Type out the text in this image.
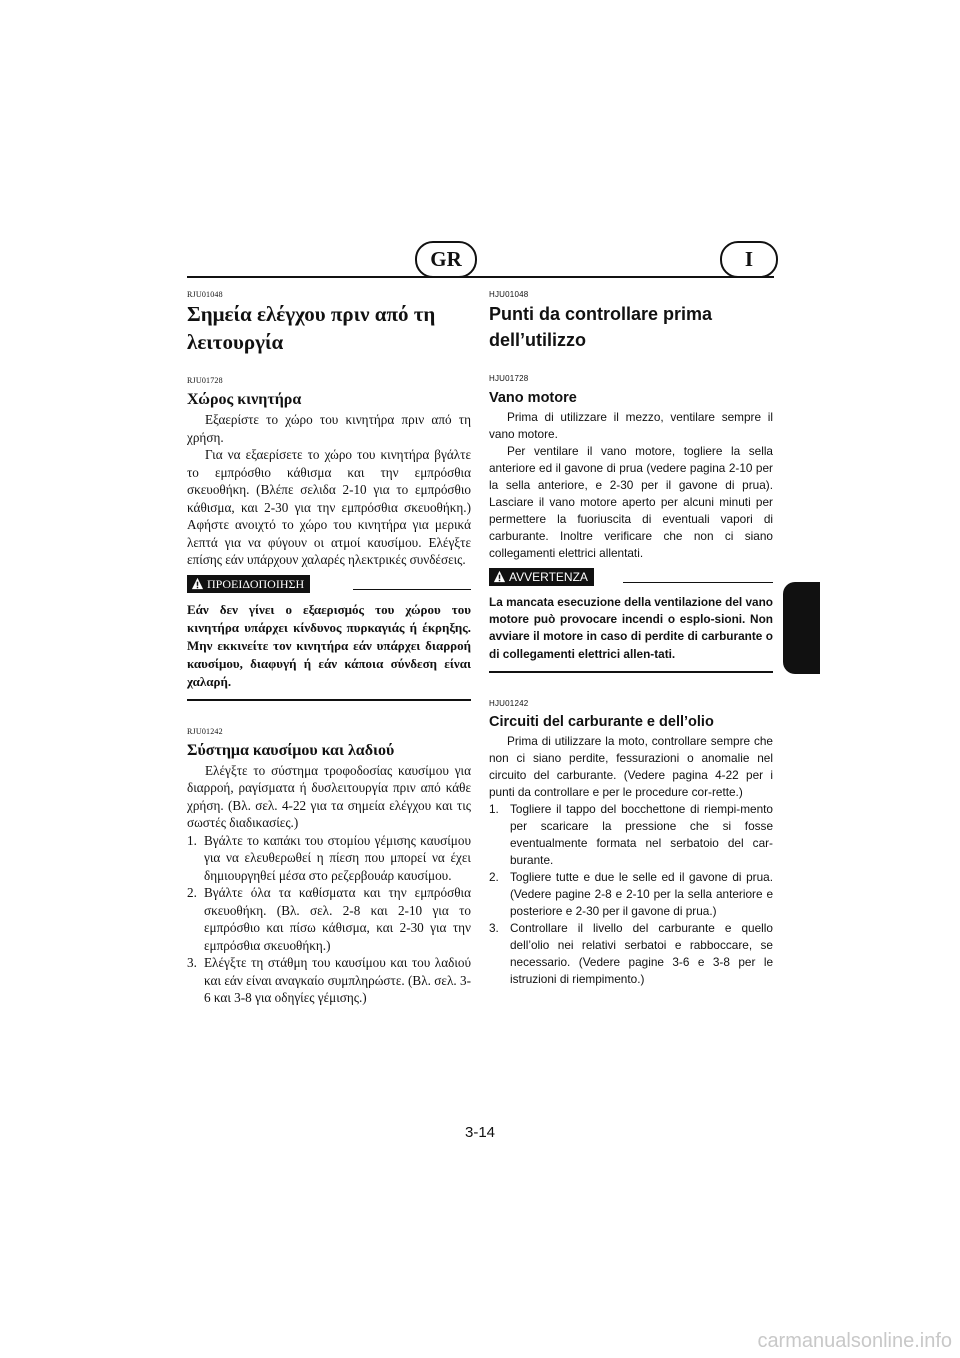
GR	I
RJU01048
Σημεία ελέγχου πριν από τη λειτουργία
RJU01728
Χώρος κινητήρα

Εξαερίστε το χώρο του κινητήρα πριν από τη χρήση.

Για να εξαερίσετε το χώρο του κινητήρα βγάλτε το εμπρόσθιο κάθισμα και την εμπρόσθια σκευοθήκη. (Βλέπε σελιδα 2-10 για το εμπρόσθιο κάθισμα, και 2-30 για την εμπρόσθια σκευοθήκη.) Αφήστε ανοιχτό το χώρο του κινητήρα για μερικά λεπτά για να φύγουν οι ατμοί καυσίμου. Ελέγξτε επίσης εάν υπάρχουν χαλαρές ηλεκτρικές συνδέσεις.

ΠΡΟΕΙΔΟΠΟΙΗΣΗ

Εάν δεν γίνει ο εξαερισμός του χώρου του κινητήρα υπάρχει κίνδυνος πυρκαγιάς ή έκρηξης. Μην εκκινείτε τον κινητήρα εάν υπάρχει διαρροή καυσίμου, διαφυγή ή εάν κάποια σύνδεση είναι χαλαρή.

RJU01242
Σύστημα καυσίμου και λαδιού

Ελέγξτε το σύστημα τροφοδοσίας καυσίμου για διαρροή, ραγίσματα ή δυσλειτουργία πριν από κάθε χρήση. (Βλ. σελ. 4-22 για τα σημεία ελέγχου και τις σωστές διαδικασίες.)

1. Βγάλτε το καπάκι του στομίου γέμισης καυσίμου για να ελευθερωθεί η πίεση που μπορεί να έχει δημιουργηθεί μέσα στο ρεζερβουάρ καυσίμου.
2. Βγάλτε όλα τα καθίσματα και την εμπρόσθια σκευοθήκη. (Βλ. σελ. 2-8 και 2-10 για το εμπρόσθιο και πίσω κάθισμα, και 2-30 για την εμπρόσθια σκευοθήκη.)
3. Ελέγξτε τη στάθμη του καυσίμου και του λαδιού και εάν είναι αναγκαίο συμπληρώστε. (Βλ. σελ. 3-6 και 3-8 για οδηγίες γέμισης.)
HJU01048
Punti da controllare prima dell’utilizzo
HJU01728
Vano motore

Prima di utilizzare il mezzo, ventilare sempre il vano motore.

Per ventilare il vano motore, togliere la sella anteriore ed il gavone di prua (vedere pagina 2-10 per la sella anteriore, e 2-30 per il gavone di prua). Lasciare il vano motore aperto per alcuni minuti per permettere la fuoriuscita di eventuali vapori di carburante. Inoltre verificare che non ci siano collegamenti elettrici allentati.

AVVERTENZA

La mancata esecuzione della ventilazione del vano motore può provocare incendi o esplo-sioni. Non avviare il motore in caso di perdite di carburante o di collegamenti elettrici allen-tati.

HJU01242
Circuiti del carburante e dell’olio

Prima di utilizzare la moto, controllare sempre che non ci siano perdite, fessurazioni o anomalie nel circuito del carburante. (Vedere pagina 4-22 per i punti da controllare e per le procedure cor-rette.)

1. Togliere il tappo del bocchettone di riempi-mento per scaricare la pressione che si fosse eventualmente formata nel serbatoio del car-burante.
2. Togliere tutte e due le selle ed il gavone di prua. (Vedere pagine 2-8 e 2-10 per la sella anteriore e posteriore e 2-30 per il gavone di prua.)
3. Controllare il livello del carburante e quello dell’olio nei relativi serbatoi e rabboccare, se necessario. (Vedere pagine 3-6 e 3-8 per le istruzioni di riempimento.)
3-14
carmanualsonline.info
